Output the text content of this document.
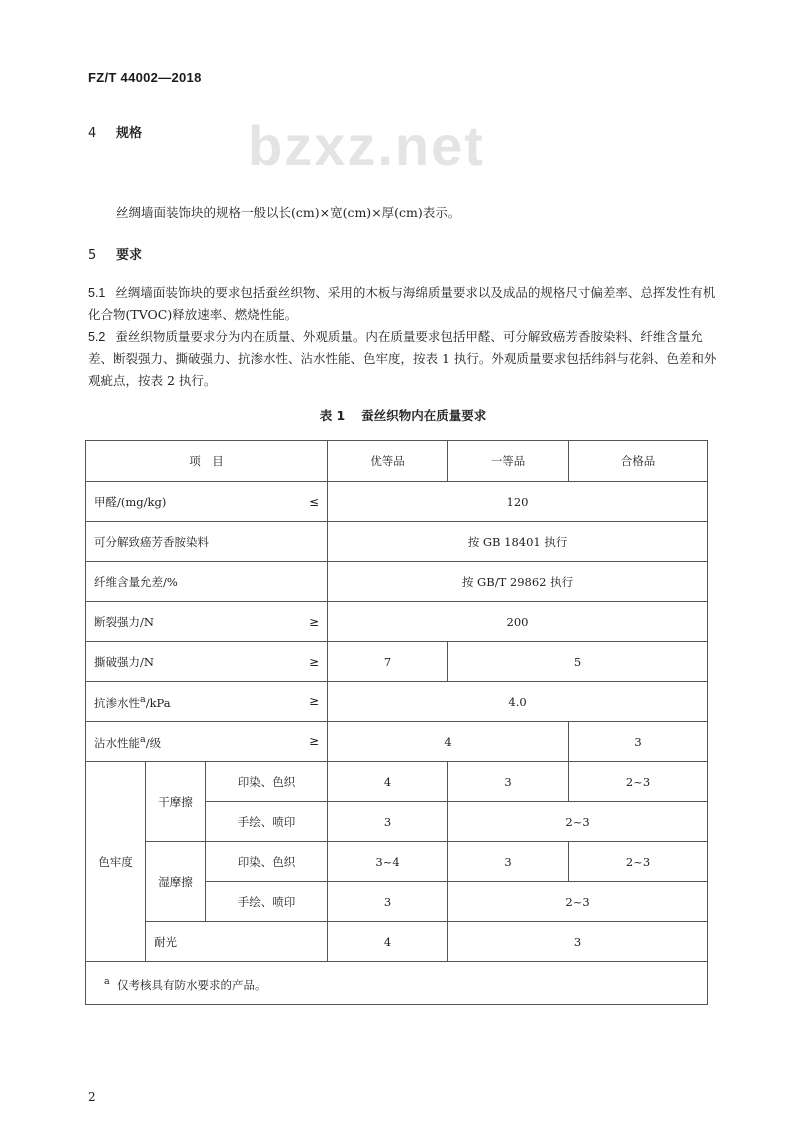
FZ/T 44002—2018
4 规格 bzxz.net
丝绸墙面装饰块的规格一般以长(cm)×宽(cm)×厚(cm)表示。
5 要求
5.1 丝绸墙面装饰块的要求包括蚕丝织物、采用的木板与海绵质量要求以及成品的规格尺寸偏差率、总挥发性有机化合物(TVOC)释放速率、燃烧性能。
5.2 蚕丝织物质量要求分为内在质量、外观质量。内在质量要求包括甲醛、可分解致癌芳香胺染料、纤维含量允差、断裂强力、撕破强力、抗渗水性、沾水性能、色牢度，按表 1 执行。外观质量要求包括纬斜与花斜、色差和外观疵点，按表 2 执行。
表 1 蚕丝织物内在质量要求
项　目			优等品	一等品	合格品

甲醛/(mg/kg) ≤			120		
可分解致癌芳香胺染料			按 GB 18401 执行		
纤维含量允差/%			按 GB/T 29862 执行		

断裂强力/N ≥			200		

撕破强力/N ≥			7	5	

抗渗水性$^a$/kPa ≥			4.0		

沾水性能$^a$/级 ≥			4		3
色牢度	干摩擦	印染、色织	4	3	2~3
		手绘、喷印	3	2~3	
	湿摩擦	印染、色织	3~4	3	2~3
		手绘、喷印	3	2~3	
	耐光		4	3	
$^a$ 仅考核具有防水要求的产品。					
2
